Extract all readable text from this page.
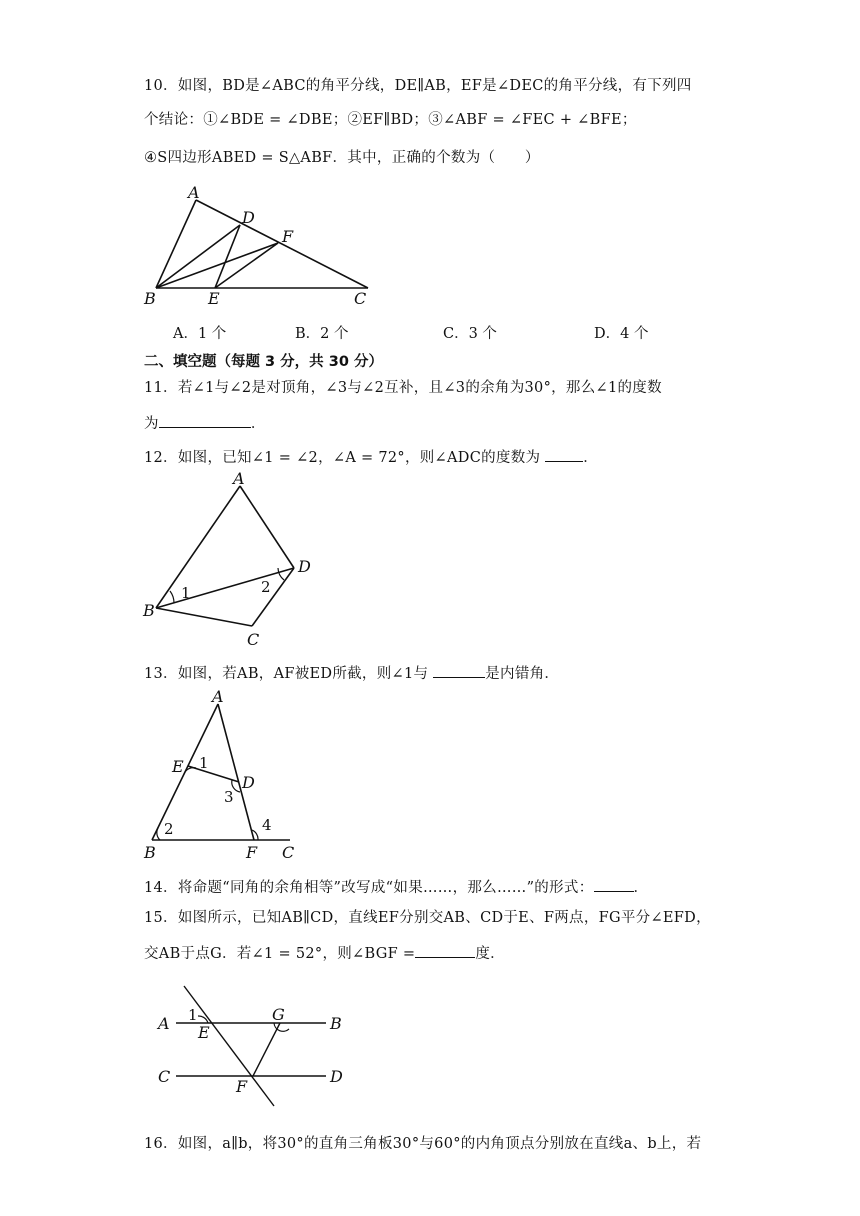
10．如图，BD是∠ABC的角平分线，DE∥AB，EF是∠DEC的角平分线，有下列四
个结论：①∠BDE = ∠DBE；②EF∥BD；③∠ABF = ∠FEC + ∠BFE；
④S四边形ABED = S△ABF．其中，正确的个数为（　　）
A
D
F
B	E	C
A．1 个	B．2 个	C．3 个	D．4 个
二、填空题（每题 3 分，共 30 分）
11．若∠1与∠2是对顶角，∠3与∠2互补，且∠3的余角为30°，那么∠1的度数
为	．
12．如图，已知∠1 = ∠2，∠A = 72°，则∠ADC的度数为	．
A
D
B
C
1	2
13．如图，若AB，AF被ED所截，则∠1与	是内错角．
A
E
D
B	F C
1
2
3
4
14．将命题“同角的余角相等”改写成“如果……，那么……”的形式：	．
15．如图所示，已知AB∥CD，直线EF分别交AB、CD于E、F两点，FG平分∠EFD，
交AB于点G．若∠1 = 52°，则∠BGF =	度．
A	B
C	D
E
G
F
1
16．如图，a∥b，将30°的直角三角板30°与60°的内角顶点分别放在直线a、b上，若
